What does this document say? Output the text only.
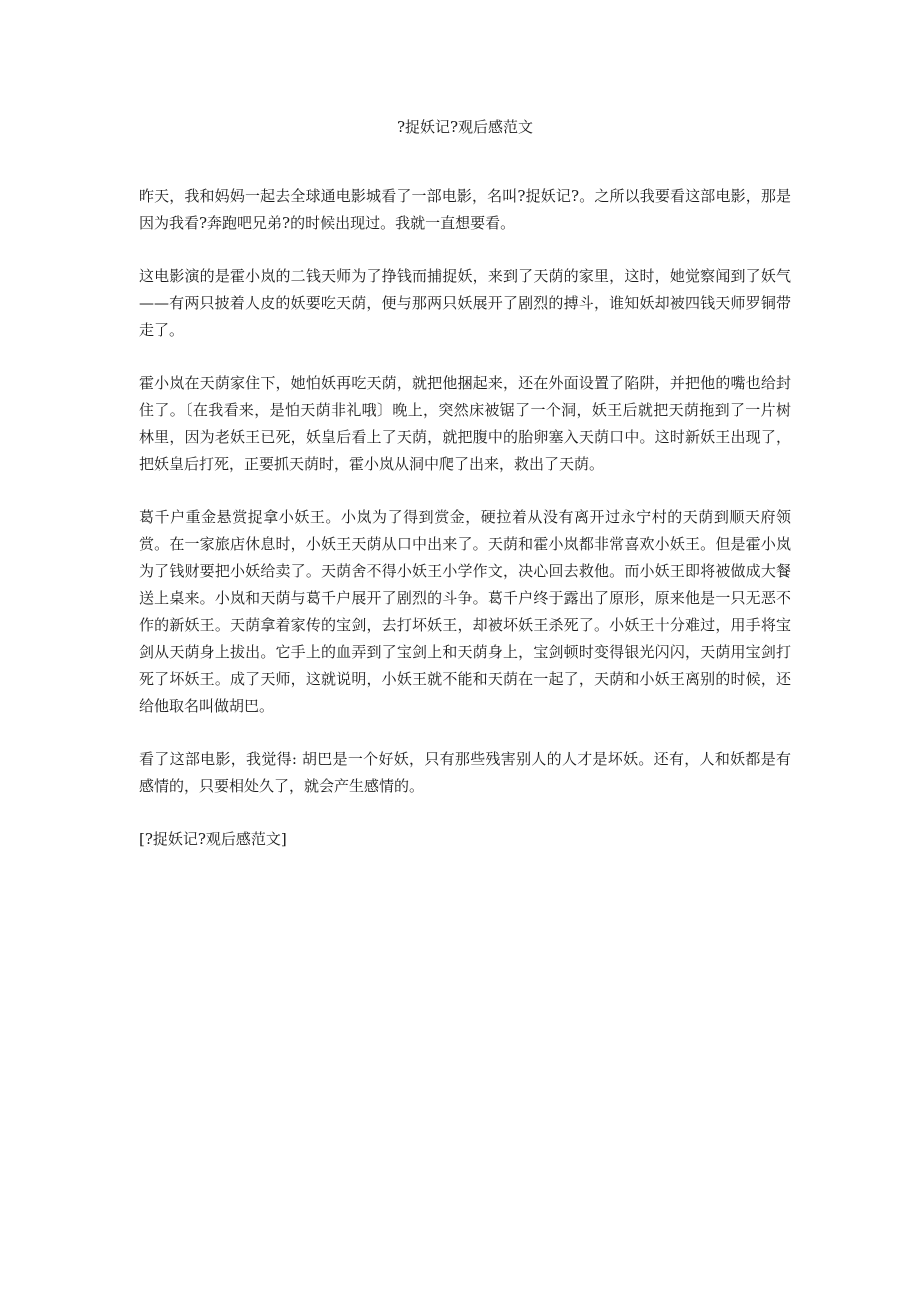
?捉妖记?观后感范文

昨天，我和妈妈一起去全球通电影城看了一部电影，名叫?捉妖记?。之所以我要看这部电影，那是因为我看?奔跑吧兄弟?的时候出现过。我就一直想要看。

这电影演的是霍小岚的二钱天师为了挣钱而捕捉妖，来到了天荫的家里，这时，她觉察闻到了妖气——有两只披着人皮的妖要吃天荫，便与那两只妖展开了剧烈的搏斗，谁知妖却被四钱天师罗铜带走了。

霍小岚在天荫家住下，她怕妖再吃天荫，就把他捆起来，还在外面设置了陷阱，并把他的嘴也给封住了。〔在我看来，是怕天荫非礼哦〕晚上，突然床被锯了一个洞，妖王后就把天荫拖到了一片树林里，因为老妖王已死，妖皇后看上了天荫，就把腹中的胎卵塞入天荫口中。这时新妖王出现了，把妖皇后打死，正要抓天荫时，霍小岚从洞中爬了出来，救出了天荫。

葛千户重金悬赏捉拿小妖王。小岚为了得到赏金，硬拉着从没有离开过永宁村的天荫到顺天府领赏。在一家旅店休息时，小妖王天荫从口中出来了。天荫和霍小岚都非常喜欢小妖王。但是霍小岚为了钱财要把小妖给卖了。天荫舍不得小妖王小学作文，决心回去救他。而小妖王即将被做成大餐送上桌来。小岚和天荫与葛千户展开了剧烈的斗争。葛千户终于露出了原形，原来他是一只无恶不作的新妖王。天荫拿着家传的宝剑，去打坏妖王，却被坏妖王杀死了。小妖王十分难过，用手将宝剑从天荫身上拔出。它手上的血弄到了宝剑上和天荫身上，宝剑顿时变得银光闪闪，天荫用宝剑打死了坏妖王。成了天师，这就说明，小妖王就不能和天荫在一起了，天荫和小妖王离别的时候，还给他取名叫做胡巴。

看了这部电影，我觉得: 胡巴是一个好妖，只有那些残害别人的人才是坏妖。还有，人和妖都是有感情的，只要相处久了，就会产生感情的。

[?捉妖记?观后感范文]
